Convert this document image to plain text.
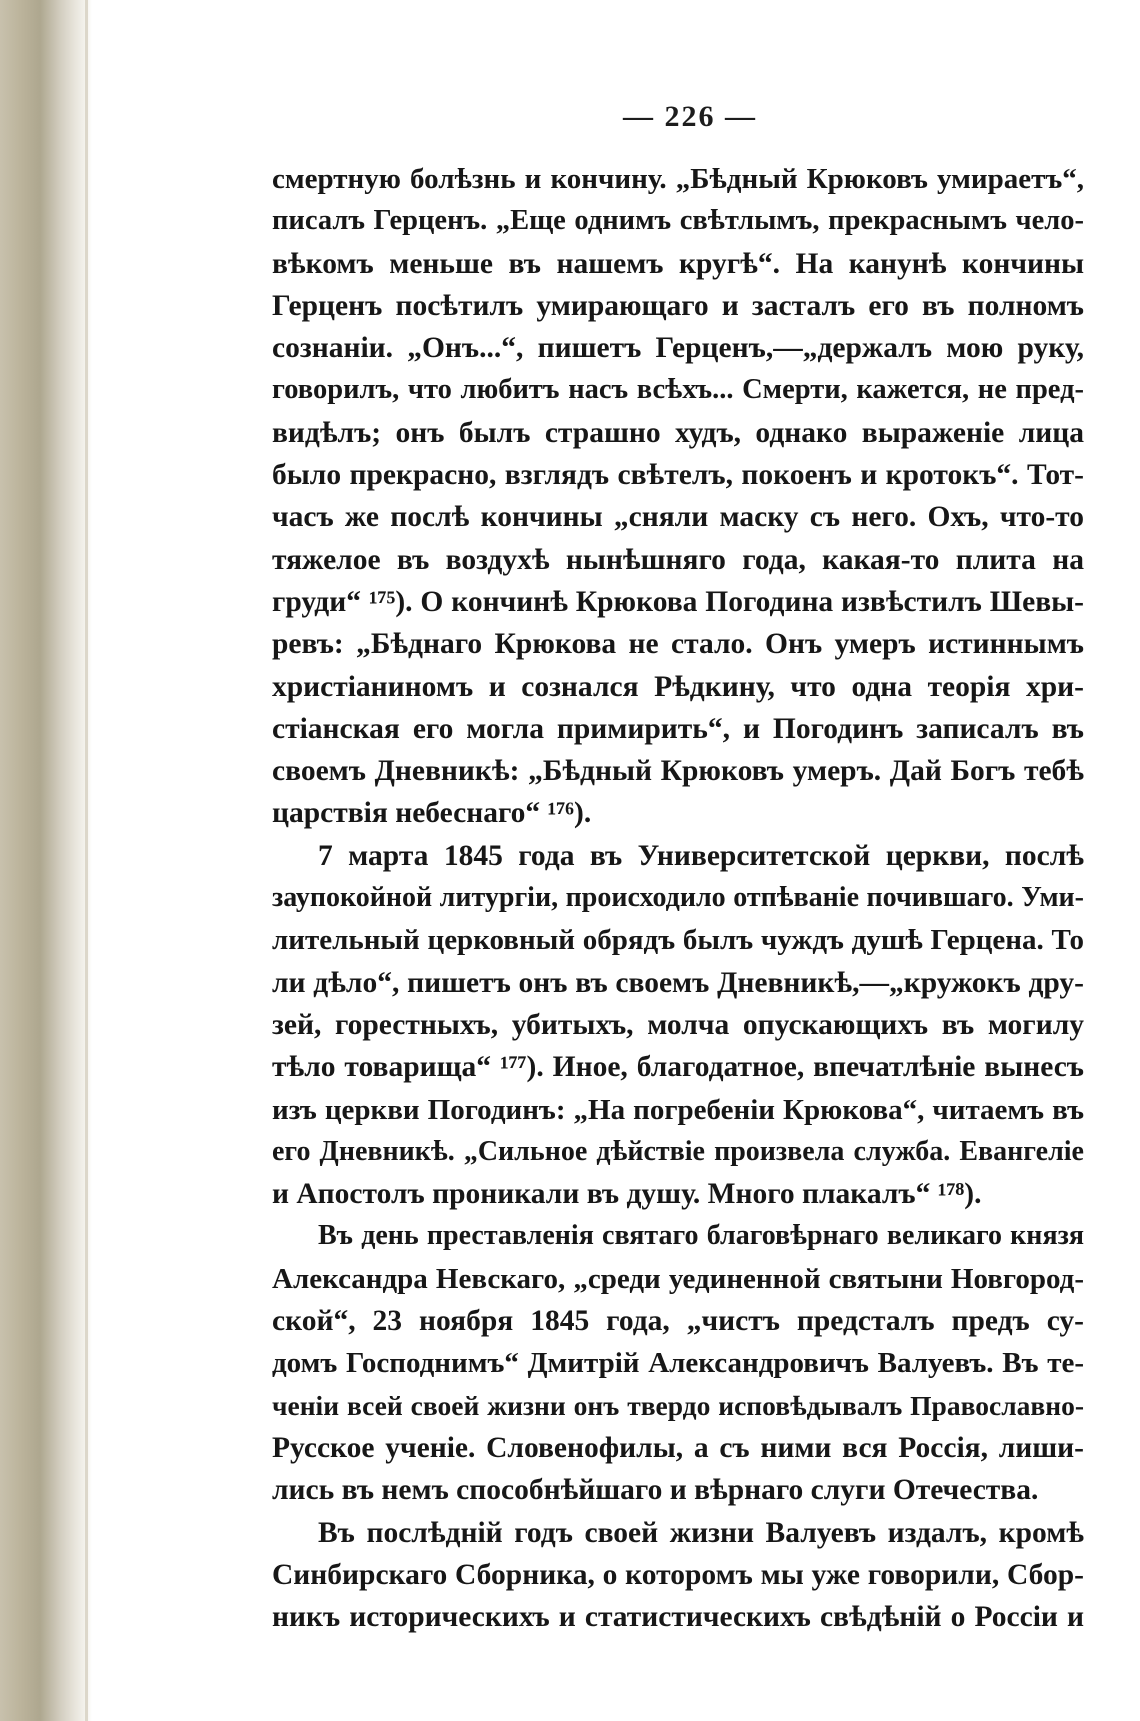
— 226 —
смертную болѣзнь и кончину. „Бѣдный Крюковъ умираетъ“,
писалъ Герценъ. „Еще однимъ свѣтлымъ, прекраснымъ чело-
вѣкомъ меньше въ нашемъ кругѣ“. На канунѣ кончины
Герценъ посѣтилъ умирающаго и засталъ его въ полномъ
сознаніи. „Онъ...“, пишетъ Герценъ,—„держалъ мою руку,
говорилъ, что любитъ насъ всѣхъ... Смерти, кажется, не пред-
видѣлъ; онъ былъ страшно худъ, однако выраженіе лица
было прекрасно, взглядъ свѣтелъ, покоенъ и кротокъ“. Тот-
часъ же послѣ кончины „сняли маску съ него. Охъ, что-то
тяжелое въ воздухѣ нынѣшняго года, какая-то плита на
груди“ ¹⁷⁵). О кончинѣ Крюкова Погодина извѣстилъ Шевы-
ревъ: „Бѣднаго Крюкова не стало. Онъ умеръ истиннымъ
христіаниномъ и сознался Рѣдкину, что одна теорія хри-
стіанская его могла примирить“, и Погодинъ записалъ въ
своемъ Дневникѣ: „Бѣдный Крюковъ умеръ. Дай Богъ тебѣ
царствія небеснаго“ ¹⁷⁶).
7 марта 1845 года въ Университетской церкви, послѣ
заупокойной литургіи, происходило отпѣваніе почившаго. Уми-
лительный церковный обрядъ былъ чуждъ душѣ Герцена. То
ли дѣло“, пишетъ онъ въ своемъ Дневникѣ,—„кружокъ дру-
зей, горестныхъ, убитыхъ, молча опускающихъ въ могилу
тѣло товарища“ ¹⁷⁷). Иное, благодатное, впечатлѣніе вынесъ
изъ церкви Погодинъ: „На погребеніи Крюкова“, читаемъ въ
его Дневникѣ. „Сильное дѣйствіе произвела служба. Евангеліе
и Апостолъ проникали въ душу. Много плакалъ“ ¹⁷⁸).
Въ день преставленія святаго благовѣрнаго великаго князя
Александра Невскаго, „среди уединенной святыни Новгород-
ской“, 23 ноября 1845 года, „чистъ предсталъ предъ су-
домъ Господнимъ“ Дмитрій Александровичъ Валуевъ. Въ те-
ченіи всей своей жизни онъ твердо исповѣдывалъ Православно-
Русское ученіе. Словенофилы, а съ ними вся Россія, лиши-
лись въ немъ способнѣйшаго и вѣрнаго слуги Отечества.
Въ послѣдній годъ своей жизни Валуевъ издалъ, кромѣ
Синбирскаго Сборника, о которомъ мы уже говорили, Сбор-
никъ историческихъ и статистическихъ свѣдѣній о Россіи и
